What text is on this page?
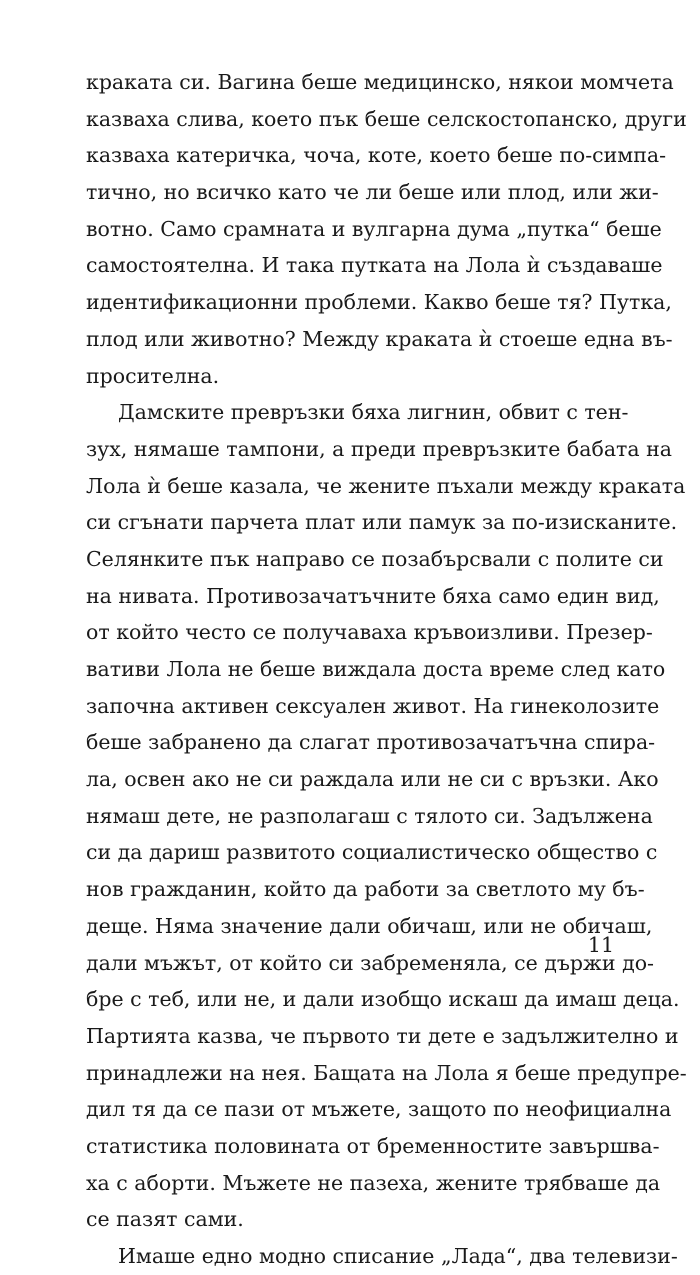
краката си. Вагина беше медицинско, някои момчета
казваха слива, което пък беше селскостопанско, други
казваха катеричка, чоча, коте, което беше по-симпа-
тично, но всичко като че ли беше или плод, или жи-
вотно. Само срамната и вулгарна дума „путка“ беше
самостоятелна. И така путката на Лола ѝ създаваше
идентификационни проблеми. Какво беше тя? Путка,
плод или животно? Между краката ѝ стоеше една въ-
просителна.
Дамските превръзки бяха лигнин, обвит с тен-
зух, нямаше тампони, а преди превръзките бабата на
Лола ѝ беше казала, че жените пъхали между краката
си сгънати парчета плат или памук за по-изисканите.
Селянките пък направо се позабърсвали с полите си
на нивата. Противозачатъчните бяха само един вид,
от който често се получаваха кръвоизливи. Презер-
вативи Лола не беше виждала доста време след като
започна активен сексуален живот. На гинеколозите
беше забранено да слагат противозачатъчна спира-
ла, освен ако не си раждала или не си с връзки. Ако
нямаш дете, не разполагаш с тялото си. Задължена
си да дариш развитото социалистическо общество с
нов гражданин, който да работи за светлото му бъ-
деще. Няма значение дали обичаш, или не обичаш,
дали мъжът, от който си забременяла, се държи до-
бре с теб, или не, и дали изобщо искаш да имаш деца.
Партията казва, че първото ти дете е задължително и
принадлежи на нея. Бащата на Лола я беше предупре-
дил тя да се пази от мъжете, защото по неофициална
статистика половината от бременностите завършва-
ха с аборти. Мъжете не пазеха, жените трябваше да
се пазят сами.
Имаше едно модно списание „Лада“, два телевизи-
11
